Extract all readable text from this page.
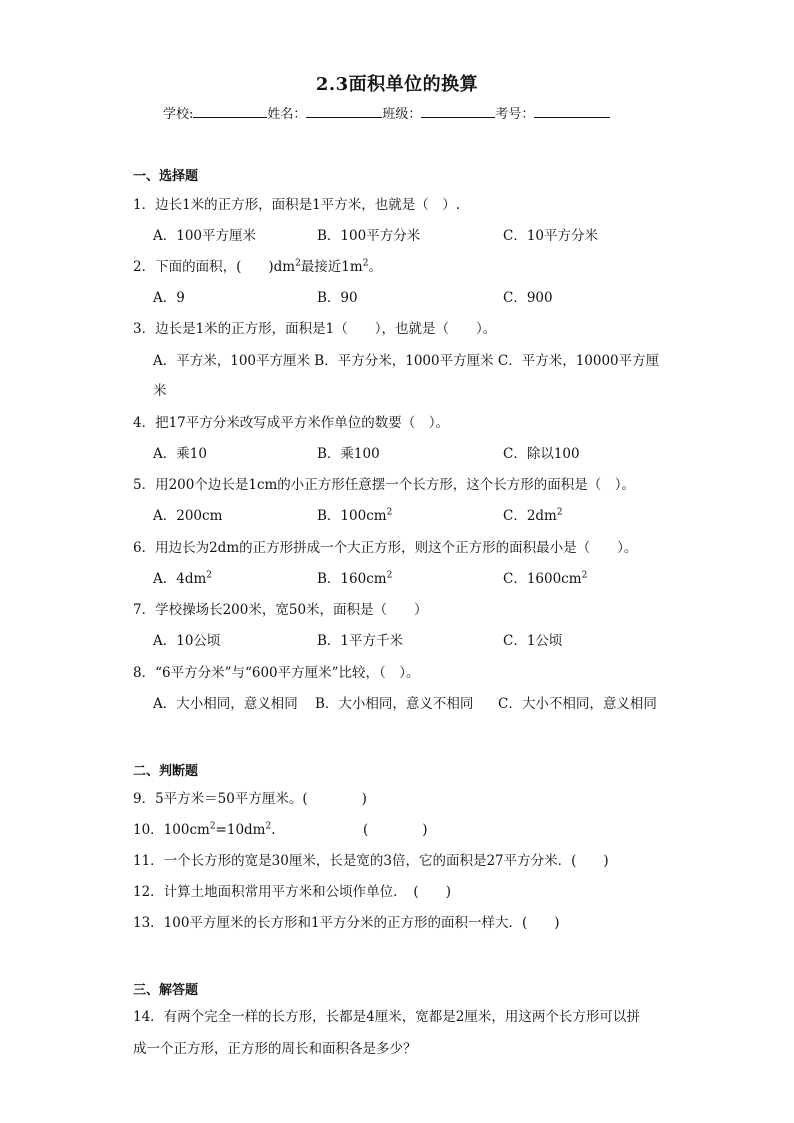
2.3面积单位的换算
学校:	姓名：	班级：	考号：
一、选择题
1．边长1米的正方形，面积是1平方米，也就是（　）.
A．100平方厘米	B．100平方分米	C．10平方分米
2．下面的面积，(　　)$dm^2$最接近$1m^2$。
A．9	B．90	C．900
3．边长是1米的正方形，面积是1（　　），也就是（　　）。
A．平方米，100平方厘米 B．平方分米，1000平方厘米 C．平方米，10000平方厘
米
4．把17平方分米改写成平方米作单位的数要（　）。
A．乘10	B．乘100	C．除以100
5．用200个边长是1cm的小正方形任意摆一个长方形，这个长方形的面积是（　）。
A．200cm	B．$100cm^2$	C．$2dm^2$
6．用边长为2dm的正方形拼成一个大正方形，则这个正方形的面积最小是（　　）。
A．$4dm^2$	B．$160cm^2$	C．$1600cm^2$
7．学校操场长200米，宽50米，面积是（　　）
A．10公顷	B．1平方千米	C．1公顷
8．“6平方分米”与“600平方厘米”比较，（　）。
A．大小相同，意义相同 B．大小相同，意义不相同 C．大小不相同，意义相同
二、判断题
9．5平方米＝50平方厘米。(　　　　)
10．$100cm^2=10dm^2$.	(　　　　)
11．一个长方形的宽是30厘米，长是宽的3倍，它的面积是27平方分米．(　　)
12．计算土地面积常用平方米和公顷作单位．　(　　)
13．100平方厘米的长方形和1平方分米的正方形的面积一样大．(　　)
三、解答题
14．有两个完全一样的长方形，长都是4厘米，宽都是2厘米，用这两个长方形可以拼
成一个正方形，正方形的周长和面积各是多少？
